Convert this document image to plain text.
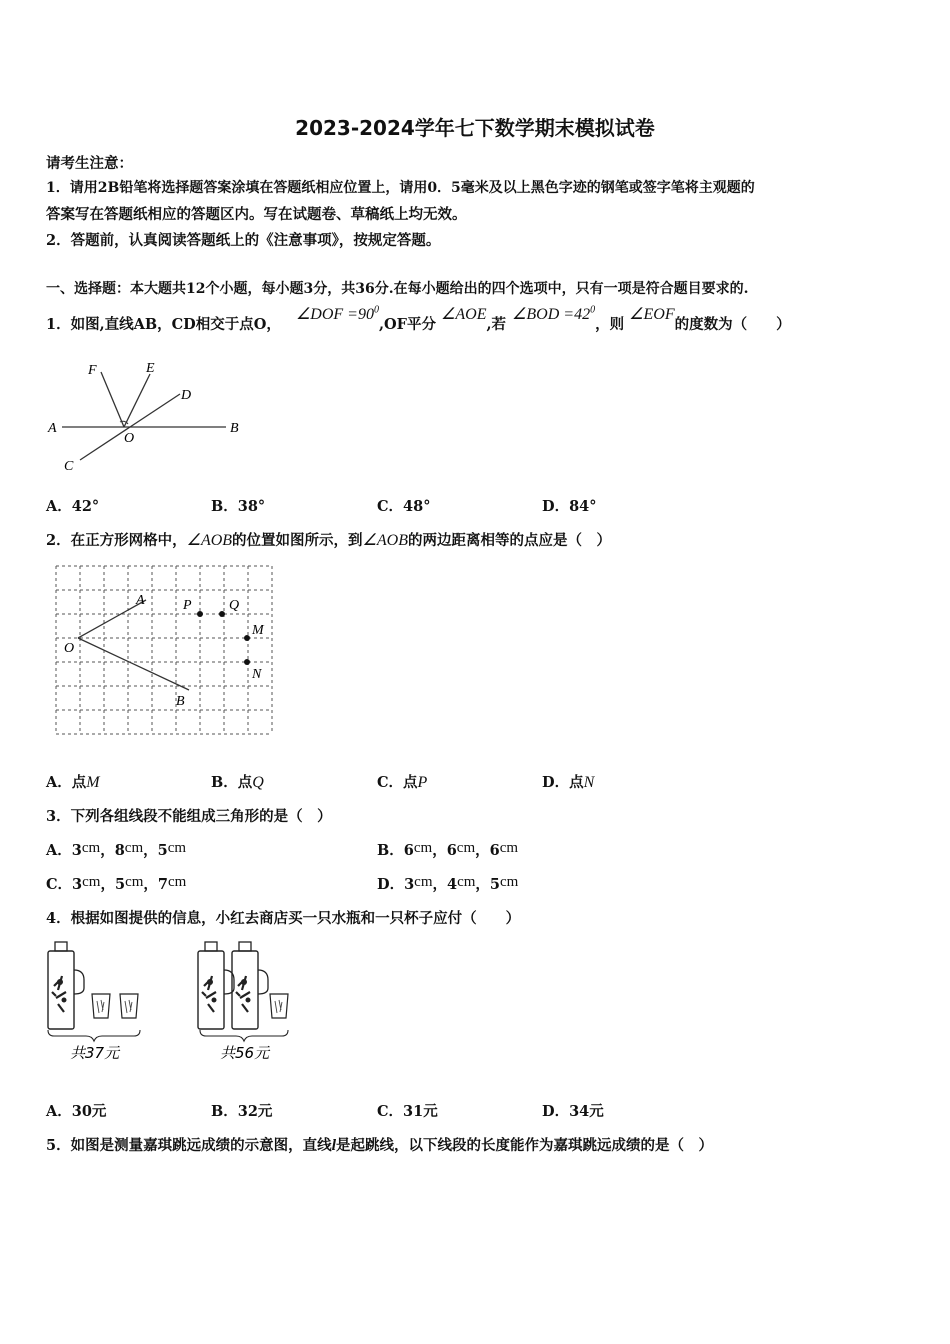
2023-2024学年七下数学期末模拟试卷
请考生注意：
1．请用2B铅笔将选择题答案涂填在答题纸相应位置上，请用0．5毫米及以上黑色字迹的钢笔或签字笔将主观题的
答案写在答题纸相应的答题区内。写在试题卷、草稿纸上均无效。
2．答题前，认真阅读答题纸上的《注意事项》，按规定答题。
一、选择题：本大题共12个小题，每小题3分，共36分.在每小题给出的四个选项中，只有一项是符合题目要求的.
1．如图,直线AB，CD相交于点O， ∠DOF $=90^0,OF$平分 ∠AOE,若∠BOD $=42^0$，则 ∠EOF的度数为（　　）
F	E
D
A
O
B
C
A．42°	B．38°	C．48°	D．84°
2．在正方形网格中，∠AOB的位置如图所示，到∠AOB的两边距离相等的点应是（　）
A	P	Q
M
O
N
B
A．点M	B．点Q	C．点P	D．点N
3．下列各组线段不能组成三角形的是（　）
A．3cm，8cm，5cm	B．6cm，6cm，6cm
C．3cm，5cm，7cm	D．3cm，4cm，5cm
4．根据如图提供的信息，小红去商店买一只水瓶和一只杯子应付（　　）
共37元	共56元
A．30元	B．32元	C．31元	D．34元
5．如图是测量嘉琪跳远成绩的示意图，直线l是起跳线，以下线段的长度能作为嘉琪跳远成绩的是（　）
